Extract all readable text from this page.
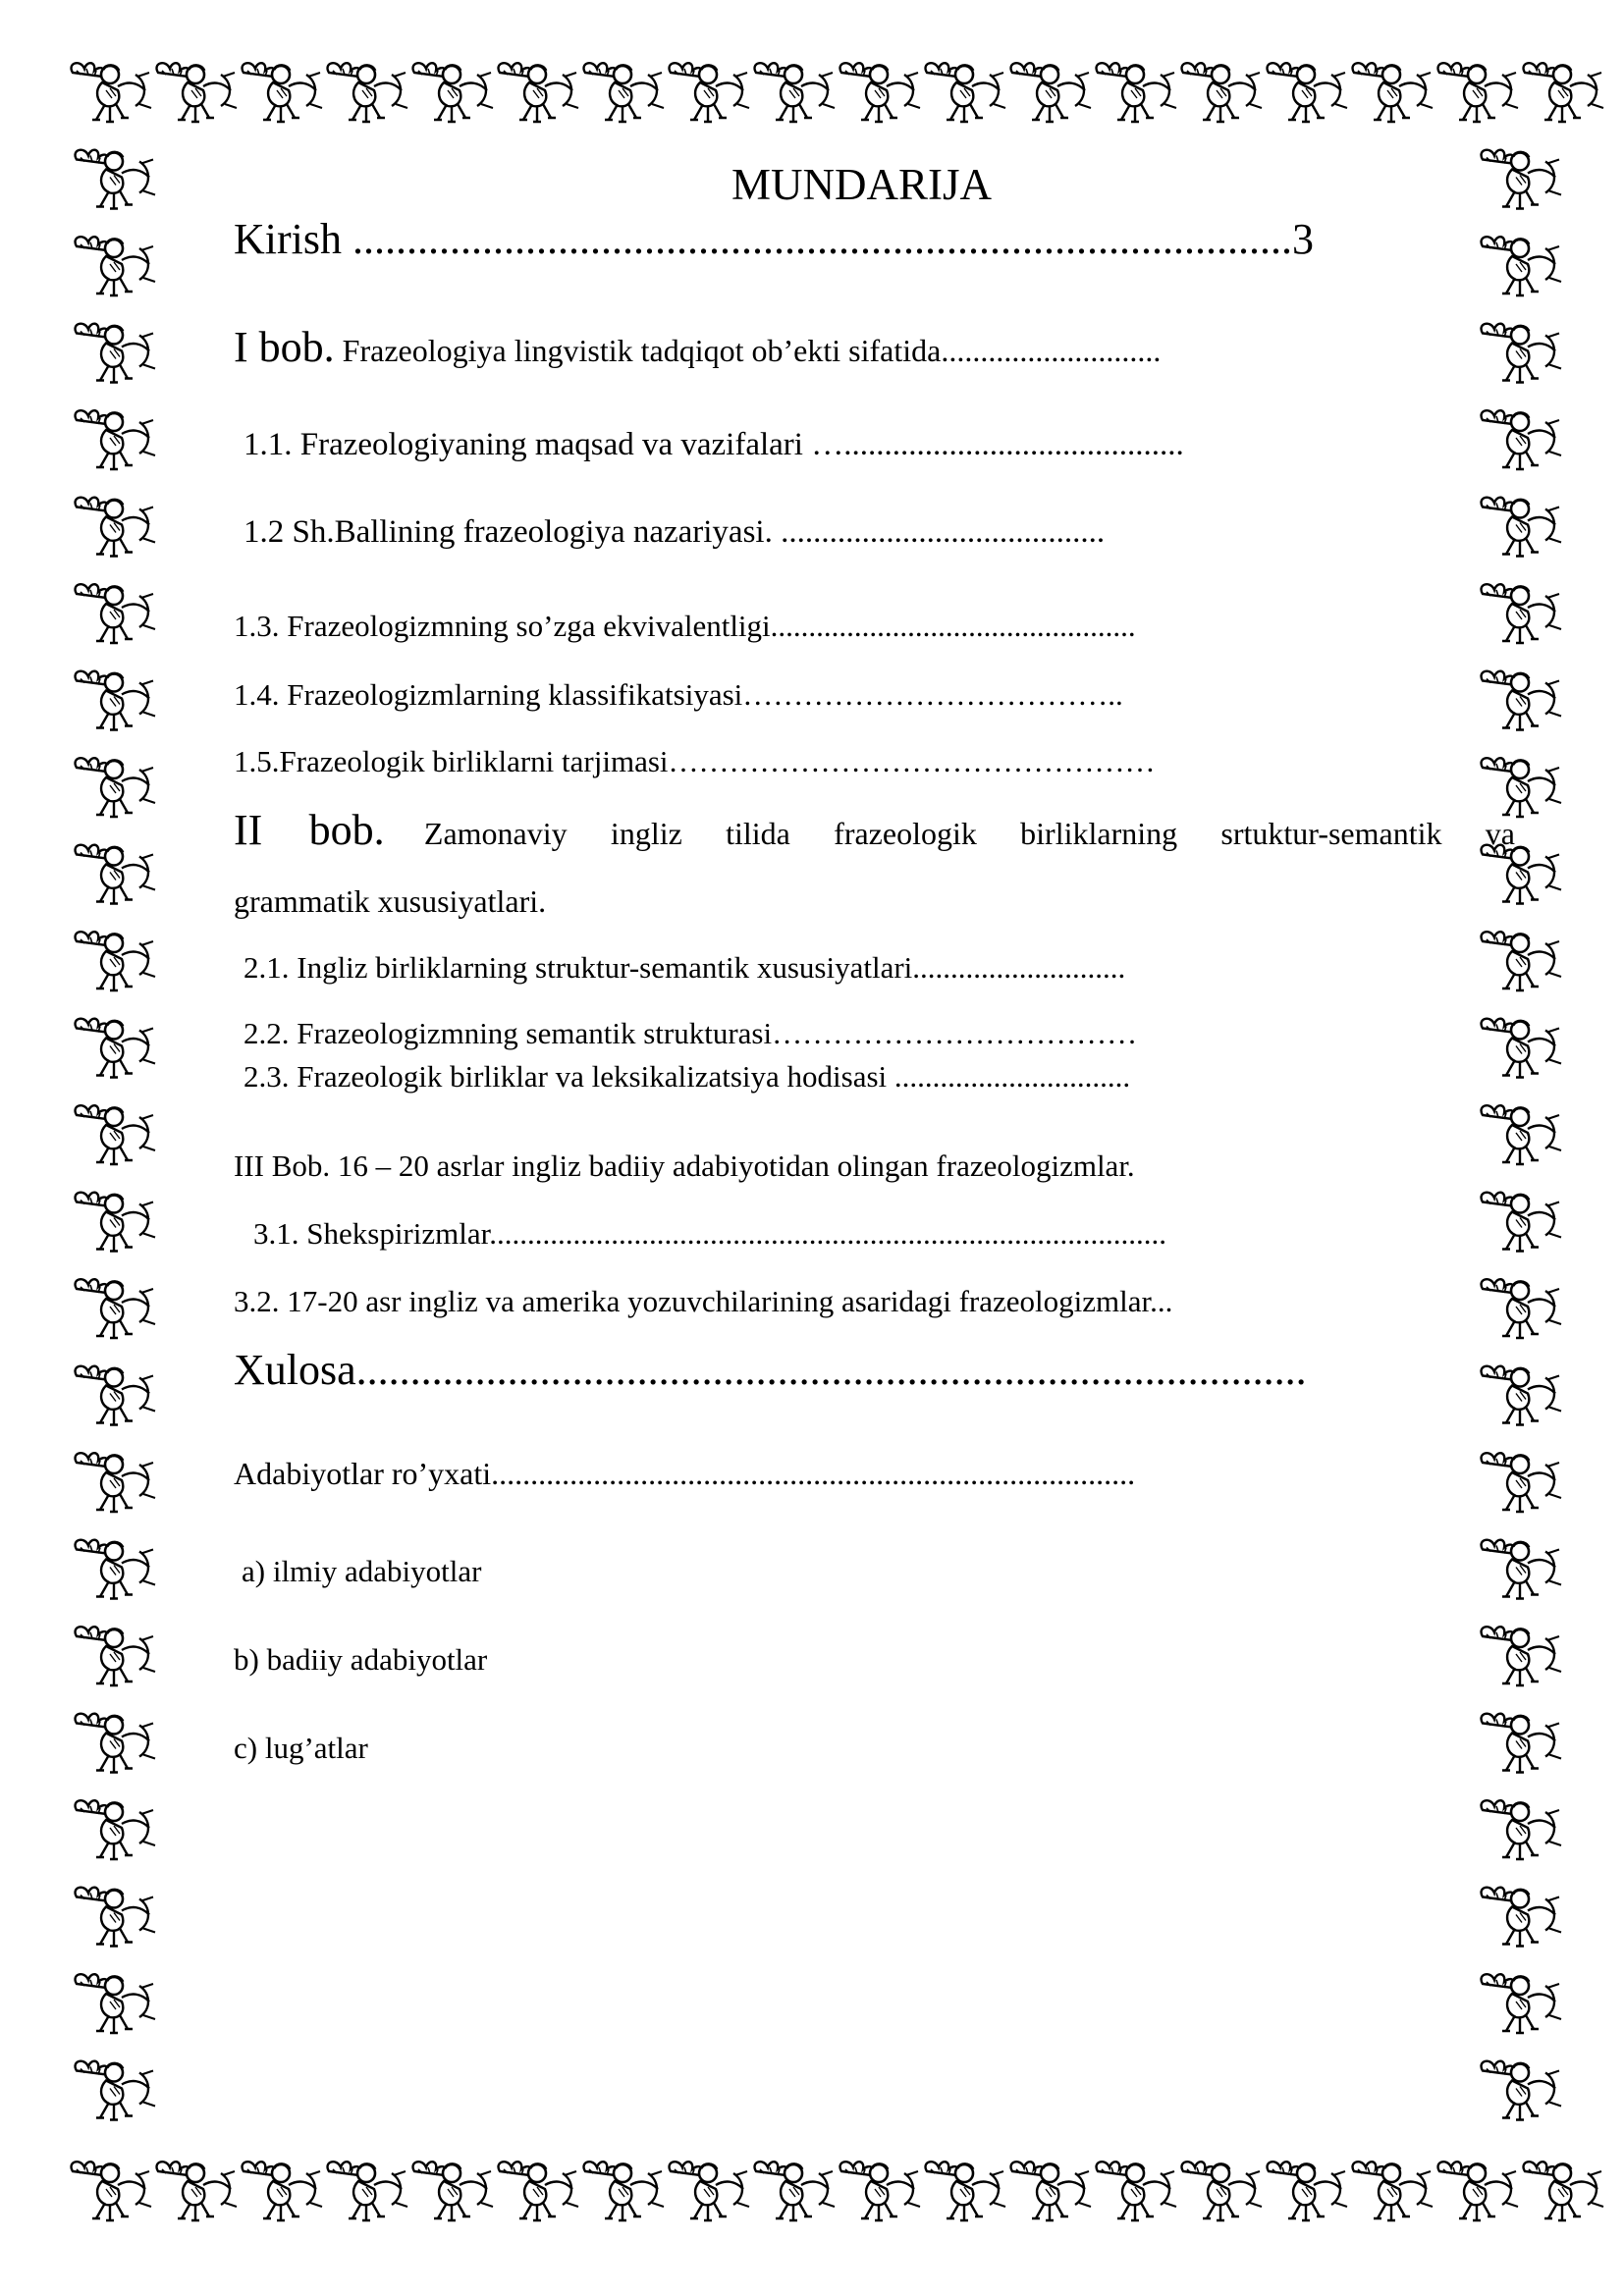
MUNDARIJA
Kirish .......................................................................................3
I bob. Frazeologiya lingvistik tadqiqot ob’ekti sifatida............................
1.1. Frazeologiyaning maqsad va vazifalari …..........................................
1.2 Sh.Ballining frazeologiya nazariyasi. ........................................
1.3. Frazeologizmning so’zga ekvivalentligi................................................
1.4. Frazeologizmlarning klassifikatsiyasi………………………………..
1.5.Frazeologik birliklarni tarjimasi…………………………………………
II bob. Zamonaviy ingliz tilida frazeologik birliklarning srtuktur-semantik va
grammatik xususiyatlari.
2.1. Ingliz birliklarning struktur-semantik xususiyatlari............................
2.2. Frazeologizmning semantik strukturasi………………………………
2.3. Frazeologik birliklar va leksikalizatsiya hodisasi ...............................
III Bob. 16 – 20 asrlar ingliz badiiy adabiyotidan olingan frazeologizmlar.
3.1. Shekspirizmlar.........................................................................................
3.2. 17-20 asr ingliz va amerika yozuvchilarining asaridagi frazeologizmlar...
Xulosa........................................................................................
Adabiyotlar ro’yxati..................................................................................
a) ilmiy adabiyotlar
b) badiiy adabiyotlar
c) lug’atlar
